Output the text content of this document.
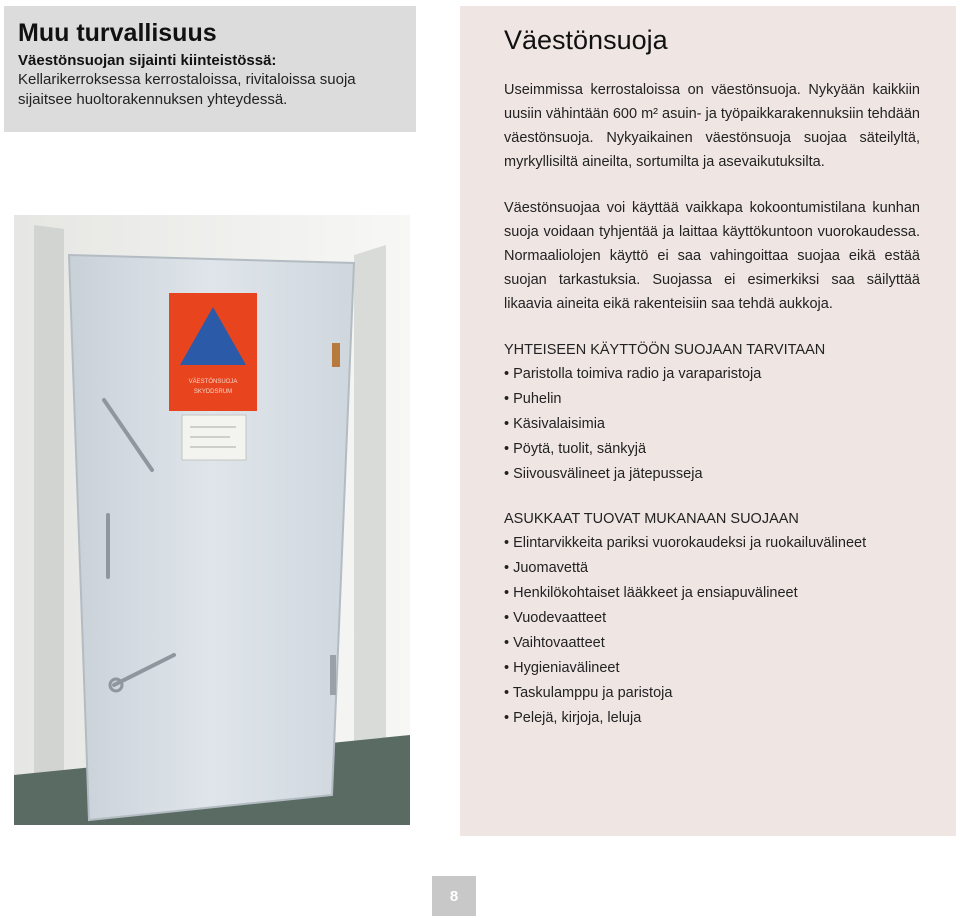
Muu turvallisuus
Väestönsuojan sijainti kiinteistössä:
Kellarikerroksessa kerrostaloissa, rivitaloissa suoja sijaitsee huoltorakennuksen yhteydessä.
VÄESTÖNSUOJA
SKYDDSRUM
Väestönsuoja

Useimmissa kerrostaloissa on väestönsuoja. Nykyään kaikkiin uusiin vähintään 600 m² asuin- ja työpaikkarakennuksiin tehdään väestönsuoja. Nykyaikainen väestönsuoja suojaa säteilyltä, myrkyllisiltä aineilta, sortumilta ja asevaikutuksilta.

Väestönsuojaa voi käyttää vaikkapa kokoontumistilana kunhan suoja voidaan tyhjentää ja laittaa käyttökuntoon vuorokaudessa. Normaaliolojen käyttö ei saa vahingoittaa suojaa eikä estää suojan tarkastuksia. Suojassa ei esimerkiksi saa säilyttää likaavia aineita eikä rakenteisiin saa tehdä aukkoja.

YHTEISEEN KÄYTTÖÖN SUOJAAN TARVITAAN
• Paristolla toimiva radio ja varaparistoja
• Puhelin
• Käsivalaisimia
• Pöytä, tuolit, sänkyjä
• Siivousvälineet ja jätepusseja
ASUKKAAT TUOVAT MUKANAAN SUOJAAN
• Elintarvikkeita pariksi vuorokaudeksi ja ruokailuvälineet
• Juomavettä
• Henkilökohtaiset lääkkeet ja ensiapuvälineet
• Vuodevaatteet
• Vaihtovaatteet
• Hygieniavälineet
• Taskulamppu ja paristoja
• Pelejä, kirjoja, leluja
8
